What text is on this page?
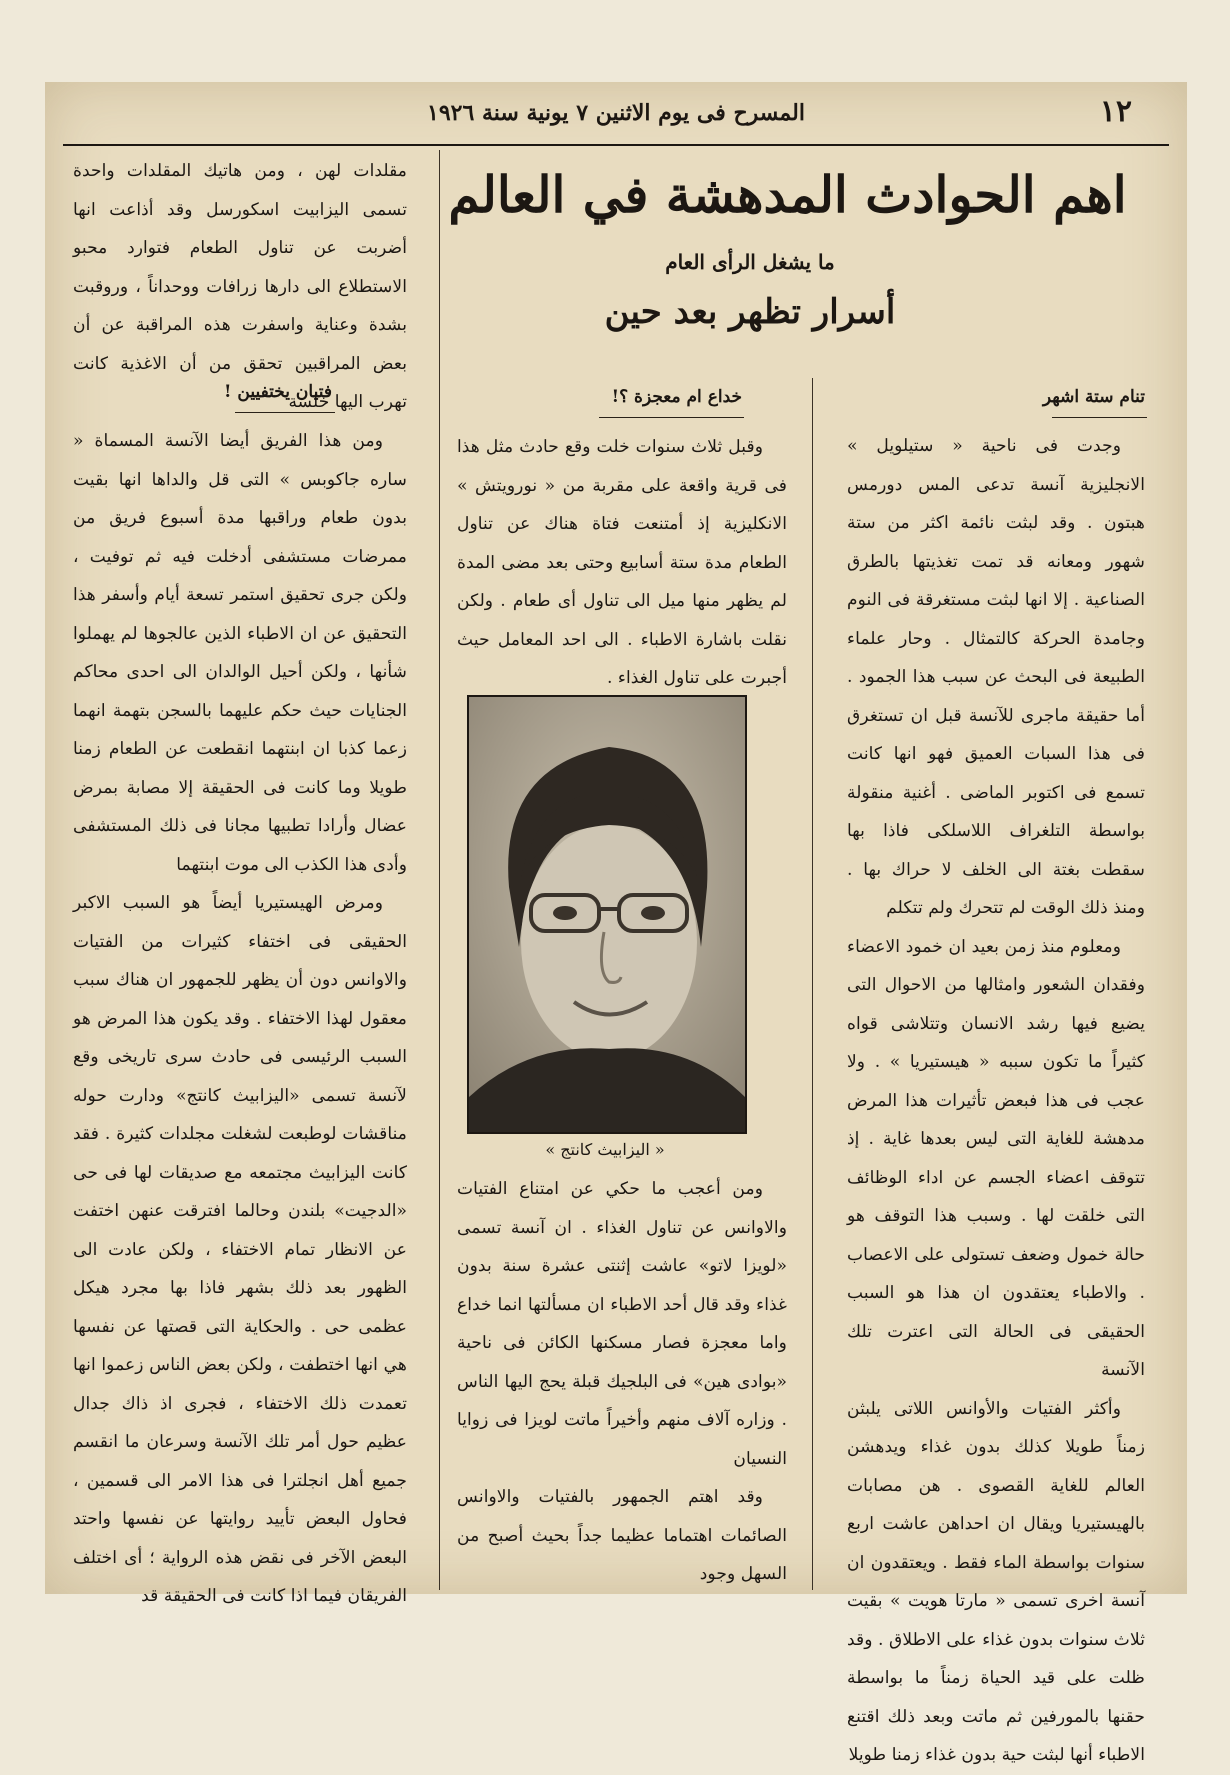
١٢
المسرح فى يوم الاثنين ٧ يونية سنة ١٩٢٦
اهم الحوادث المدهشة في العالم
ما يشغل الرأى العام
أسرار تظهر بعد حين
تنام ستة اشهر

وجدت فى ناحية « ستيلويل » الانجليزية آنسة تدعى المس دورمس هبتون . وقد لبثت نائمة اكثر من ستة شهور ومعانه قد تمت تغذيتها بالطرق الصناعية . إلا انها لبثت مستغرقة فى النوم وجامدة الحركة كالتمثال . وحار علماء الطبيعة فى البحث عن سبب هذا الجمود . أما حقيقة ماجرى للآنسة قبل ان تستغرق فى هذا السبات العميق فهو انها كانت تسمع فى اكتوبر الماضى . أغنية منقولة بواسطة التلغراف اللاسلكى فاذا بها سقطت بغتة الى الخلف لا حراك بها . ومنذ ذلك الوقت لم تتحرك ولم تتكلم

ومعلوم منذ زمن بعيد ان خمود الاعضاء وفقدان الشعور وامثالها من الاحوال التى يضيع فيها رشد الانسان وتتلاشى قواه كثيراً ما تكون سببه « هيستيريا » . ولا عجب فى هذا فبعض تأثيرات هذا المرض مدهشة للغاية التى ليس بعدها غاية . إذ تتوقف اعضاء الجسم عن اداء الوظائف التى خلقت لها . وسبب هذا التوقف هو حالة خمول وضعف تستولى على الاعصاب . والاطباء يعتقدون ان هذا هو السبب الحقيقى فى الحالة التى اعترت تلك الآنسة

وأكثر الفتيات والأوانس اللاتى يلبثن زمناً طويلا كذلك بدون غذاء ويدهشن العالم للغاية القصوى . هن مصابات بالهيستيريا ويقال ان احداهن عاشت اربع سنوات بواسطة الماء فقط . ويعتقدون ان آنسة اخرى تسمى « مارتا هويت » بقيت ثلاث سنوات بدون غذاء على الاطلاق . وقد ظلت على قيد الحياة زمناً ما بواسطة حقنها بالمورفين ثم ماتت وبعد ذلك اقتنع الاطباء أنها لبثت حية بدون غذاء زمنا طويلا

خداع ام معجزة ؟!

وقبل ثلاث سنوات خلت وقع حادث مثل هذا فى قرية واقعة على مقربة من « نورويتش » الانكليزية إذ أمتنعت فتاة هناك عن تناول الطعام مدة ستة أسابيع وحتى بعد مضى المدة لم يظهر منها ميل الى تناول أى طعام . ولكن نقلت باشارة الاطباء . الى احد المعامل حيث أجبرت على تناول الغذاء .

« اليزابيث كانتج »

ومن أعجب ما حكي عن امتناع الفتيات والاوانس عن تناول الغذاء . ان آنسة تسمى «لويزا لاتو» عاشت إثنتى عشرة سنة بدون غذاء وقد قال أحد الاطباء ان مسألتها انما خداع واما معجزة فصار مسكنها الكائن فى ناحية «بوادى هين» فى البلجيك قبلة يحج اليها الناس . وزاره آلاف منهم وأخيراً ماتت لويزا فى زوايا النسيان

وقد اهتم الجمهور بالفتيات والاوانس الصائمات اهتماما عظيما جداً بحيث أصبح من السهل وجود

مقلدات لهن ، ومن هاتيك المقلدات واحدة تسمى اليزابيت اسكورسل وقد أذاعت انها أضربت عن تناول الطعام فتوارد محبو الاستطلاع الى دارها زرافات ووحداناً ، وروقبت بشدة وعناية واسفرت هذه المراقبة عن أن بعض المراقبين تحقق من أن الاغذية كانت تهرب اليها خلسة

فتيان يختفيين !

ومن هذا الفريق أيضا الآنسة المسماة « ساره جاكوبس » التى قل والداها انها بقيت بدون طعام وراقبها مدة أسبوع فريق من ممرضات مستشفى أدخلت فيه ثم توفيت ، ولكن جرى تحقيق استمر تسعة أيام وأسفر هذا التحقيق عن ان الاطباء الذين عالجوها لم يهملوا شأنها ، ولكن أحيل الوالدان الى احدى محاكم الجنايات حيث حكم عليهما بالسجن بتهمة انهما زعما كذبا ان ابنتهما انقطعت عن الطعام زمنا طويلا وما كانت فى الحقيقة إلا مصابة بمرض عضال وأرادا تطبيها مجانا فى ذلك المستشفى وأدى هذا الكذب الى موت ابنتهما

ومرض الهيستيريا أيضاً هو السبب الاكبر الحقيقى فى اختفاء كثيرات من الفتيات والاوانس دون أن يظهر للجمهور ان هناك سبب معقول لهذا الاختفاء . وقد يكون هذا المرض هو السبب الرئيسى فى حادث سرى تاريخى وقع لآنسة تسمى «اليزابيث كانتج» ودارت حوله مناقشات لوطبعت لشغلت مجلدات كثيرة . فقد كانت اليزابيث مجتمعه مع صديقات لها فى حى «الدجيت» بلندن وحالما افترقت عنهن اختفت عن الانظار تمام الاختفاء ، ولكن عادت الى الظهور بعد ذلك بشهر فاذا بها مجرد هيكل عظمى حى . والحكاية التى قصتها عن نفسها هي انها اختطفت ، ولكن بعض الناس زعموا انها تعمدت ذلك الاختفاء ، فجرى اذ ذاك جدال عظيم حول أمر تلك الآنسة وسرعان ما انقسم جميع أهل انجلترا فى هذا الامر الى قسمين ، فحاول البعض تأييد روايتها عن نفسها واحتد البعض الآخر فى نقض هذه الرواية ؛ أى اختلف الفريقان فيما اذا كانت فى الحقيقة قد
